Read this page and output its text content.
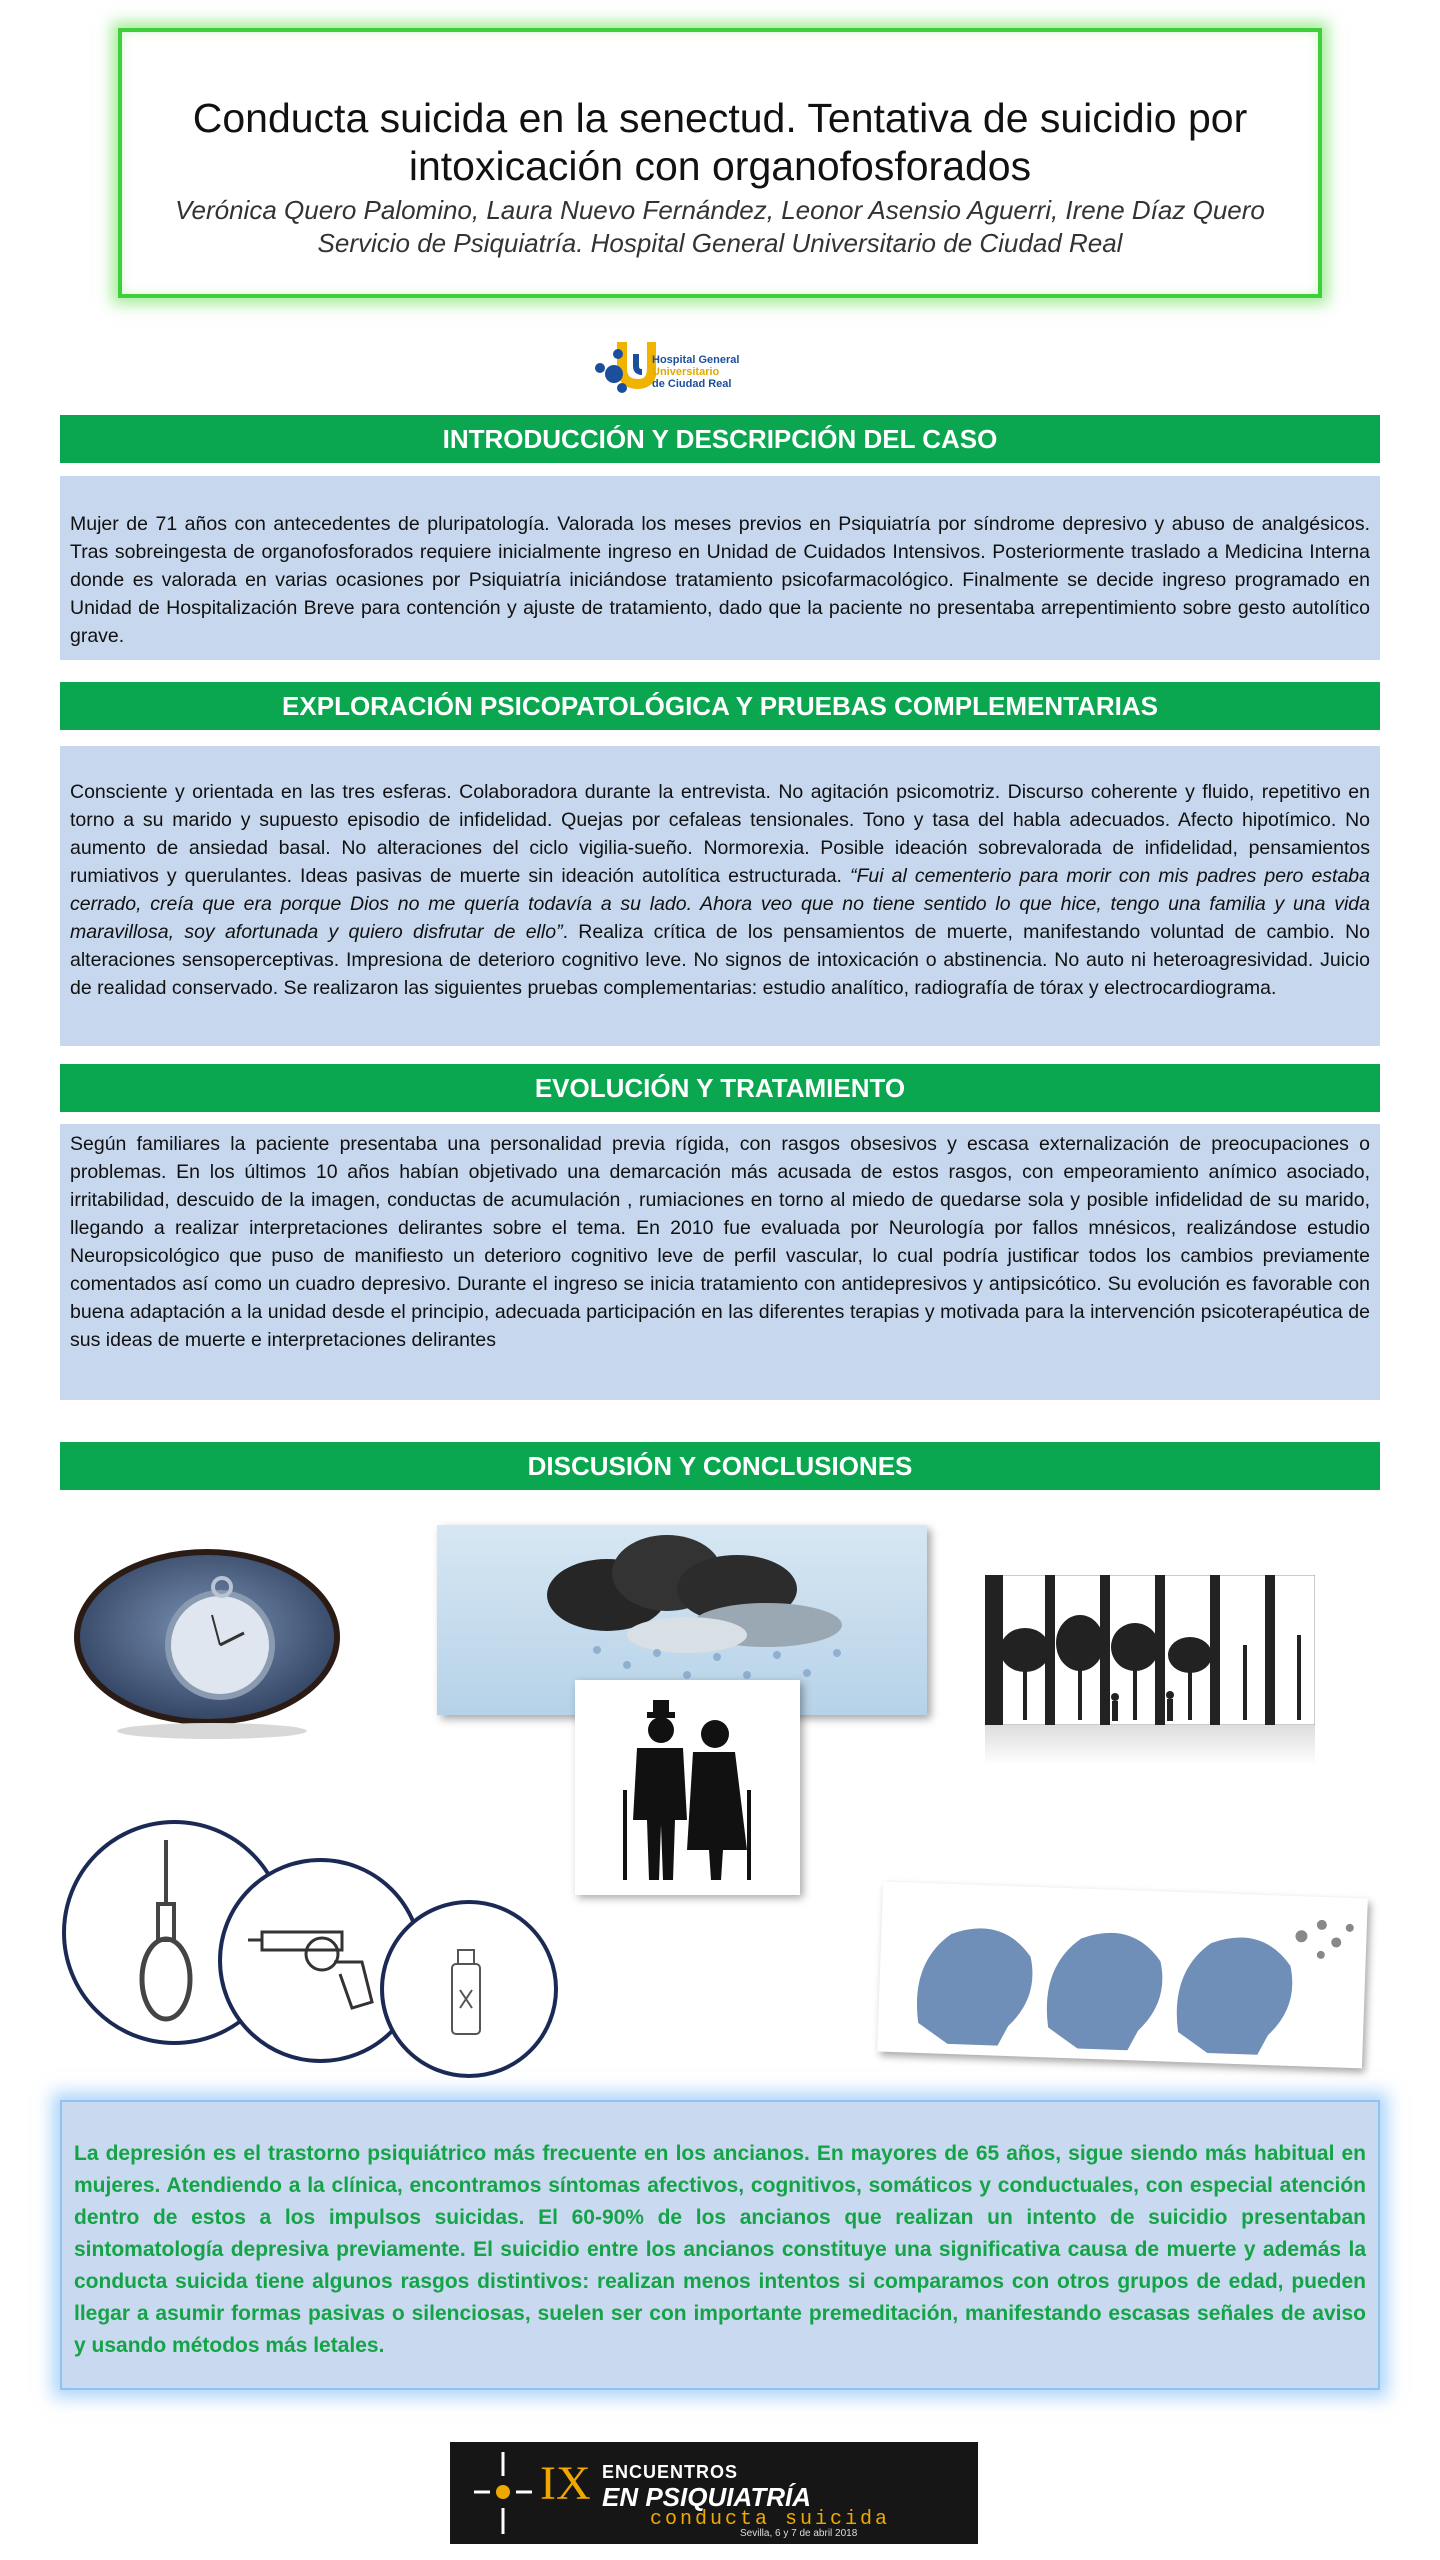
Conducta suicida en la senectud. Tentativa de suicidio por intoxicación con organofosforados
Verónica Quero Palomino, Laura Nuevo Fernández, Leonor Asensio Aguerri, Irene Díaz Quero
Servicio de Psiquiatría. Hospital General Universitario de Ciudad Real
Hospital General
Universitario
de Ciudad Real
INTRODUCCIÓN Y DESCRIPCIÓN DEL CASO

Mujer de 71 años con antecedentes de pluripatología. Valorada los meses previos en Psiquiatría por síndrome depresivo y abuso de analgésicos. Tras sobreingesta de organofosforados requiere inicialmente ingreso en Unidad de Cuidados Intensivos. Posteriormente traslado a Medicina Interna donde es valorada en varias ocasiones por Psiquiatría iniciándose tratamiento psicofarmacológico. Finalmente se decide ingreso programado en Unidad de Hospitalización Breve para contención y ajuste de tratamiento, dado que la paciente no presentaba arrepentimiento sobre gesto autolítico grave.

EXPLORACIÓN PSICOPATOLÓGICA Y PRUEBAS COMPLEMENTARIAS

Consciente y orientada en las tres esferas. Colaboradora durante la entrevista. No agitación psicomotriz. Discurso coherente y fluido, repetitivo en torno a su marido y supuesto episodio de infidelidad. Quejas por cefaleas tensionales. Tono y tasa del habla adecuados. Afecto hipotímico. No aumento de ansiedad basal. No alteraciones del ciclo vigilia-sueño. Normorexia. Posible ideación sobrevalorada de infidelidad, pensamientos rumiativos y querulantes. Ideas pasivas de muerte sin ideación autolítica estructurada. “Fui al cementerio para morir con mis padres pero estaba cerrado, creía que era porque Dios no me quería todavía a su lado. Ahora veo que no tiene sentido lo que hice, tengo una familia y una vida maravillosa, soy afortunada y quiero disfrutar de ello”. Realiza crítica de los pensamientos de muerte, manifestando voluntad de cambio. No alteraciones sensoperceptivas. Impresiona de deterioro cognitivo leve. No signos de intoxicación o abstinencia. No auto ni heteroagresividad. Juicio de realidad conservado. Se realizaron las siguientes pruebas complementarias: estudio analítico, radiografía de tórax y electrocardiograma.

EVOLUCIÓN Y TRATAMIENTO

Según familiares la paciente presentaba una personalidad previa rígida, con rasgos obsesivos y escasa externalización de preocupaciones o problemas. En los últimos 10 años habían objetivado una demarcación más acusada de estos rasgos, con empeoramiento anímico asociado, irritabilidad, descuido de la imagen, conductas de acumulación , rumiaciones en torno al miedo de quedarse sola y posible infidelidad de su marido, llegando a realizar interpretaciones delirantes sobre el tema. En 2010 fue evaluada por Neurología por fallos mnésicos, realizándose estudio Neuropsicológico que puso de manifiesto un deterioro cognitivo leve de perfil vascular, lo cual podría justificar todos los cambios previamente comentados así como un cuadro depresivo. Durante el ingreso se inicia tratamiento con antidepresivos y antipsicótico. Su evolución es favorable con buena adaptación a la unidad desde el principio, adecuada participación en las diferentes terapias y motivada para la intervención psicoterapéutica de sus ideas de muerte e interpretaciones delirantes

DISCUSIÓN Y CONCLUSIONES
La depresión es el trastorno psiquiátrico más frecuente en los ancianos. En mayores de 65 años, sigue siendo más habitual en mujeres. Atendiendo a la clínica, encontramos síntomas afectivos, cognitivos, somáticos y conductuales, con especial atención dentro de estos a los impulsos suicidas. El 60-90% de los ancianos que realizan un intento de suicidio presentaban sintomatología depresiva previamente. El suicidio entre los ancianos constituye una significativa causa de muerte y además la conducta suicida tiene algunos rasgos distintivos: realizan menos intentos si comparamos con otros grupos de edad, pueden llegar a asumir formas pasivas o silenciosas, suelen ser con importante premeditación, manifestando escasas señales de aviso y usando métodos más letales.
IX ENCUENTROS
EN PSIQUIATRÍA
conducta suicida
Sevilla, 6 y 7 de abril 2018
